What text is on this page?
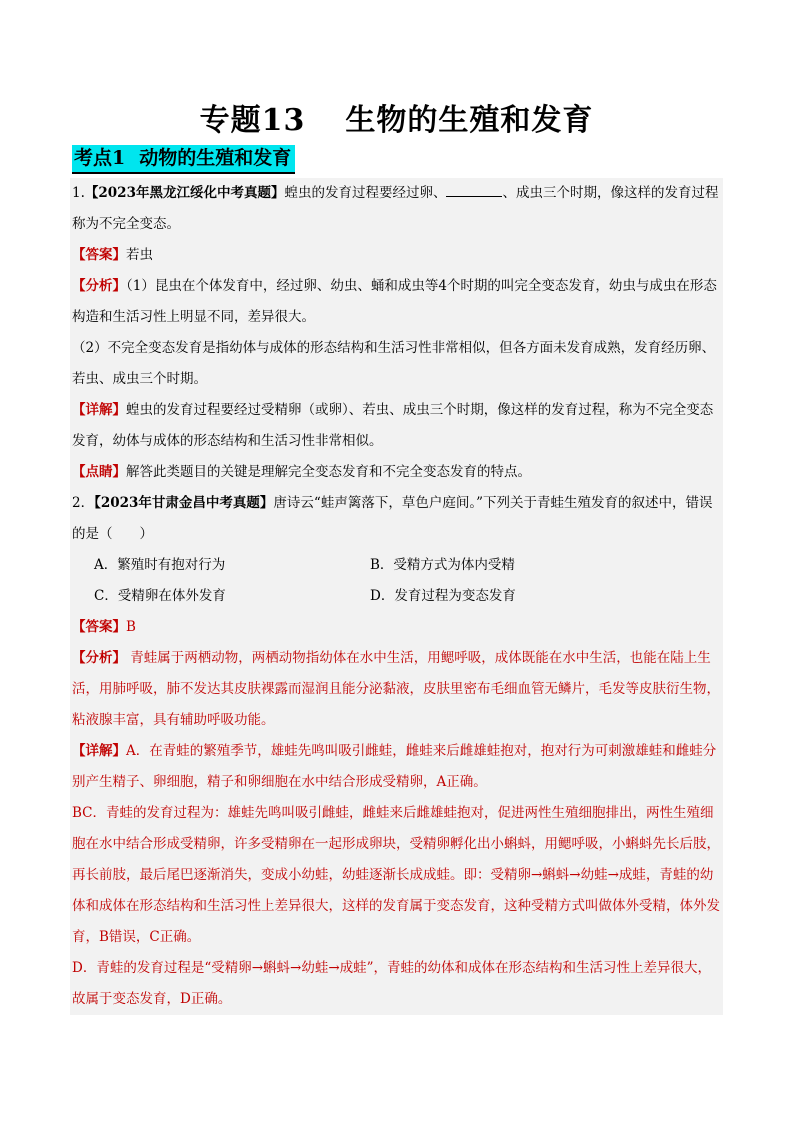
专题13 生物的生殖和发育
考点1 动物的生殖和发育

1.【2023年黑龙江绥化中考真题】蝗虫的发育过程要经过卵、	、成虫三个时期，像这样的发育过程称为不完全变态。

【答案】若虫

【分析】（1）昆虫在个体发育中，经过卵、幼虫、蛹和成虫等4个时期的叫完全变态发育，幼虫与成虫在形态构造和生活习性上明显不同，差异很大。

（2）不完全变态发育是指幼体与成体的形态结构和生活习性非常相似，但各方面未发育成熟，发育经历卵、若虫、成虫三个时期。

【详解】蝗虫的发育过程要经过受精卵（或卵）、若虫、成虫三个时期，像这样的发育过程，称为不完全变态发育，幼体与成体的形态结构和生活习性非常相似。

【点睛】解答此类题目的关键是理解完全变态发育和不完全变态发育的特点。

2．【2023年甘肃金昌中考真题】唐诗云“蛙声篱落下，草色户庭间。”下列关于青蛙生殖发育的叙述中，错误的是（　　）

A．繁殖时有抱对行为	B．受精方式为体内受精
C．受精卵在体外发育	D．发育过程为变态发育

【答案】B

【分析】 青蛙属于两栖动物，两栖动物指幼体在水中生活，用鳃呼吸，成体既能在水中生活，也能在陆上生活，用肺呼吸，肺不发达其皮肤裸露而湿润且能分泌黏液，皮肤里密布毛细血管无鳞片，毛发等皮肤衍生物，粘液腺丰富，具有辅助呼吸功能。

【详解】A．在青蛙的繁殖季节，雄蛙先鸣叫吸引雌蛙，雌蛙来后雌雄蛙抱对，抱对行为可刺激雄蛙和雌蛙分别产生精子、卵细胞，精子和卵细胞在水中结合形成受精卵，A正确。

BC．青蛙的发育过程为：雄蛙先鸣叫吸引雌蛙，雌蛙来后雌雄蛙抱对，促进两性生殖细胞排出，两性生殖细胞在水中结合形成受精卵，许多受精卵在一起形成卵块，受精卵孵化出小蝌蚪，用鳃呼吸，小蝌蚪先长后肢，再长前肢，最后尾巴逐渐消失，变成小幼蛙，幼蛙逐渐长成成蛙。即：受精卵→蝌蚪→幼蛙→成蛙，青蛙的幼体和成体在形态结构和生活习性上差异很大，这样的发育属于变态发育，这种受精方式叫做体外受精，体外发育，B错误，C正确。

D．青蛙的发育过程是“受精卵→蝌蚪→幼蛙→成蛙”，青蛙的幼体和成体在形态结构和生活习性上差异很大，故属于变态发育，D正确。
